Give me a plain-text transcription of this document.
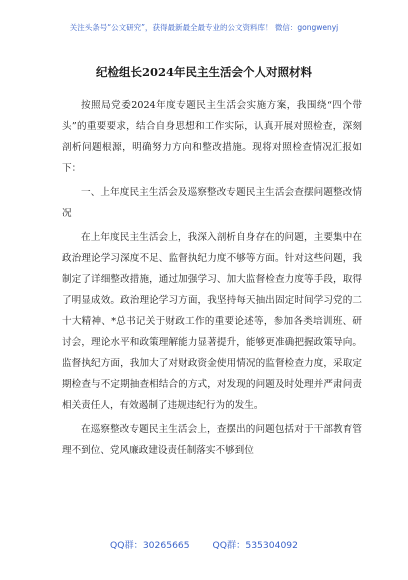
关注头条号“公文研究”，获得最新最全最专业的公文资料库！ 微信：gongwenyj
纪检组长2024年民主生活会个人对照材料

按照局党委2024年度专题民主生活会实施方案，我围绕“四个带头”的重要要求，结合自身思想和工作实际，认真开展对照检查，深刻剖析问题根源，明确努力方向和整改措施。现将对照检查情况汇报如下：

一、上年度民主生活会及巡察整改专题民主生活会查摆问题整改情况

在上年度民主生活会上，我深入剖析自身存在的问题，主要集中在政治理论学习深度不足、监督执纪力度不够等方面。针对这些问题，我制定了详细整改措施，通过加强学习、加大监督检查力度等手段，取得了明显成效。政治理论学习方面，我坚持每天抽出固定时间学习党的二十大精神、*总书记关于财政工作的重要论述等，参加各类培训班、研讨会，理论水平和政策理解能力显著提升，能够更准确把握政策导向。监督执纪方面，我加大了对财政资金使用情况的监督检查力度，采取定期检查与不定期抽查相结合的方式，对发现的问题及时处理并严肃问责相关责任人，有效遏制了违规违纪行为的发生。

在巡察整改专题民主生活会上，查摆出的问题包括对于干部教育管理不到位、党风廉政建设责任制落实不够到位

QQ群：30265665 QQ群：535304092
